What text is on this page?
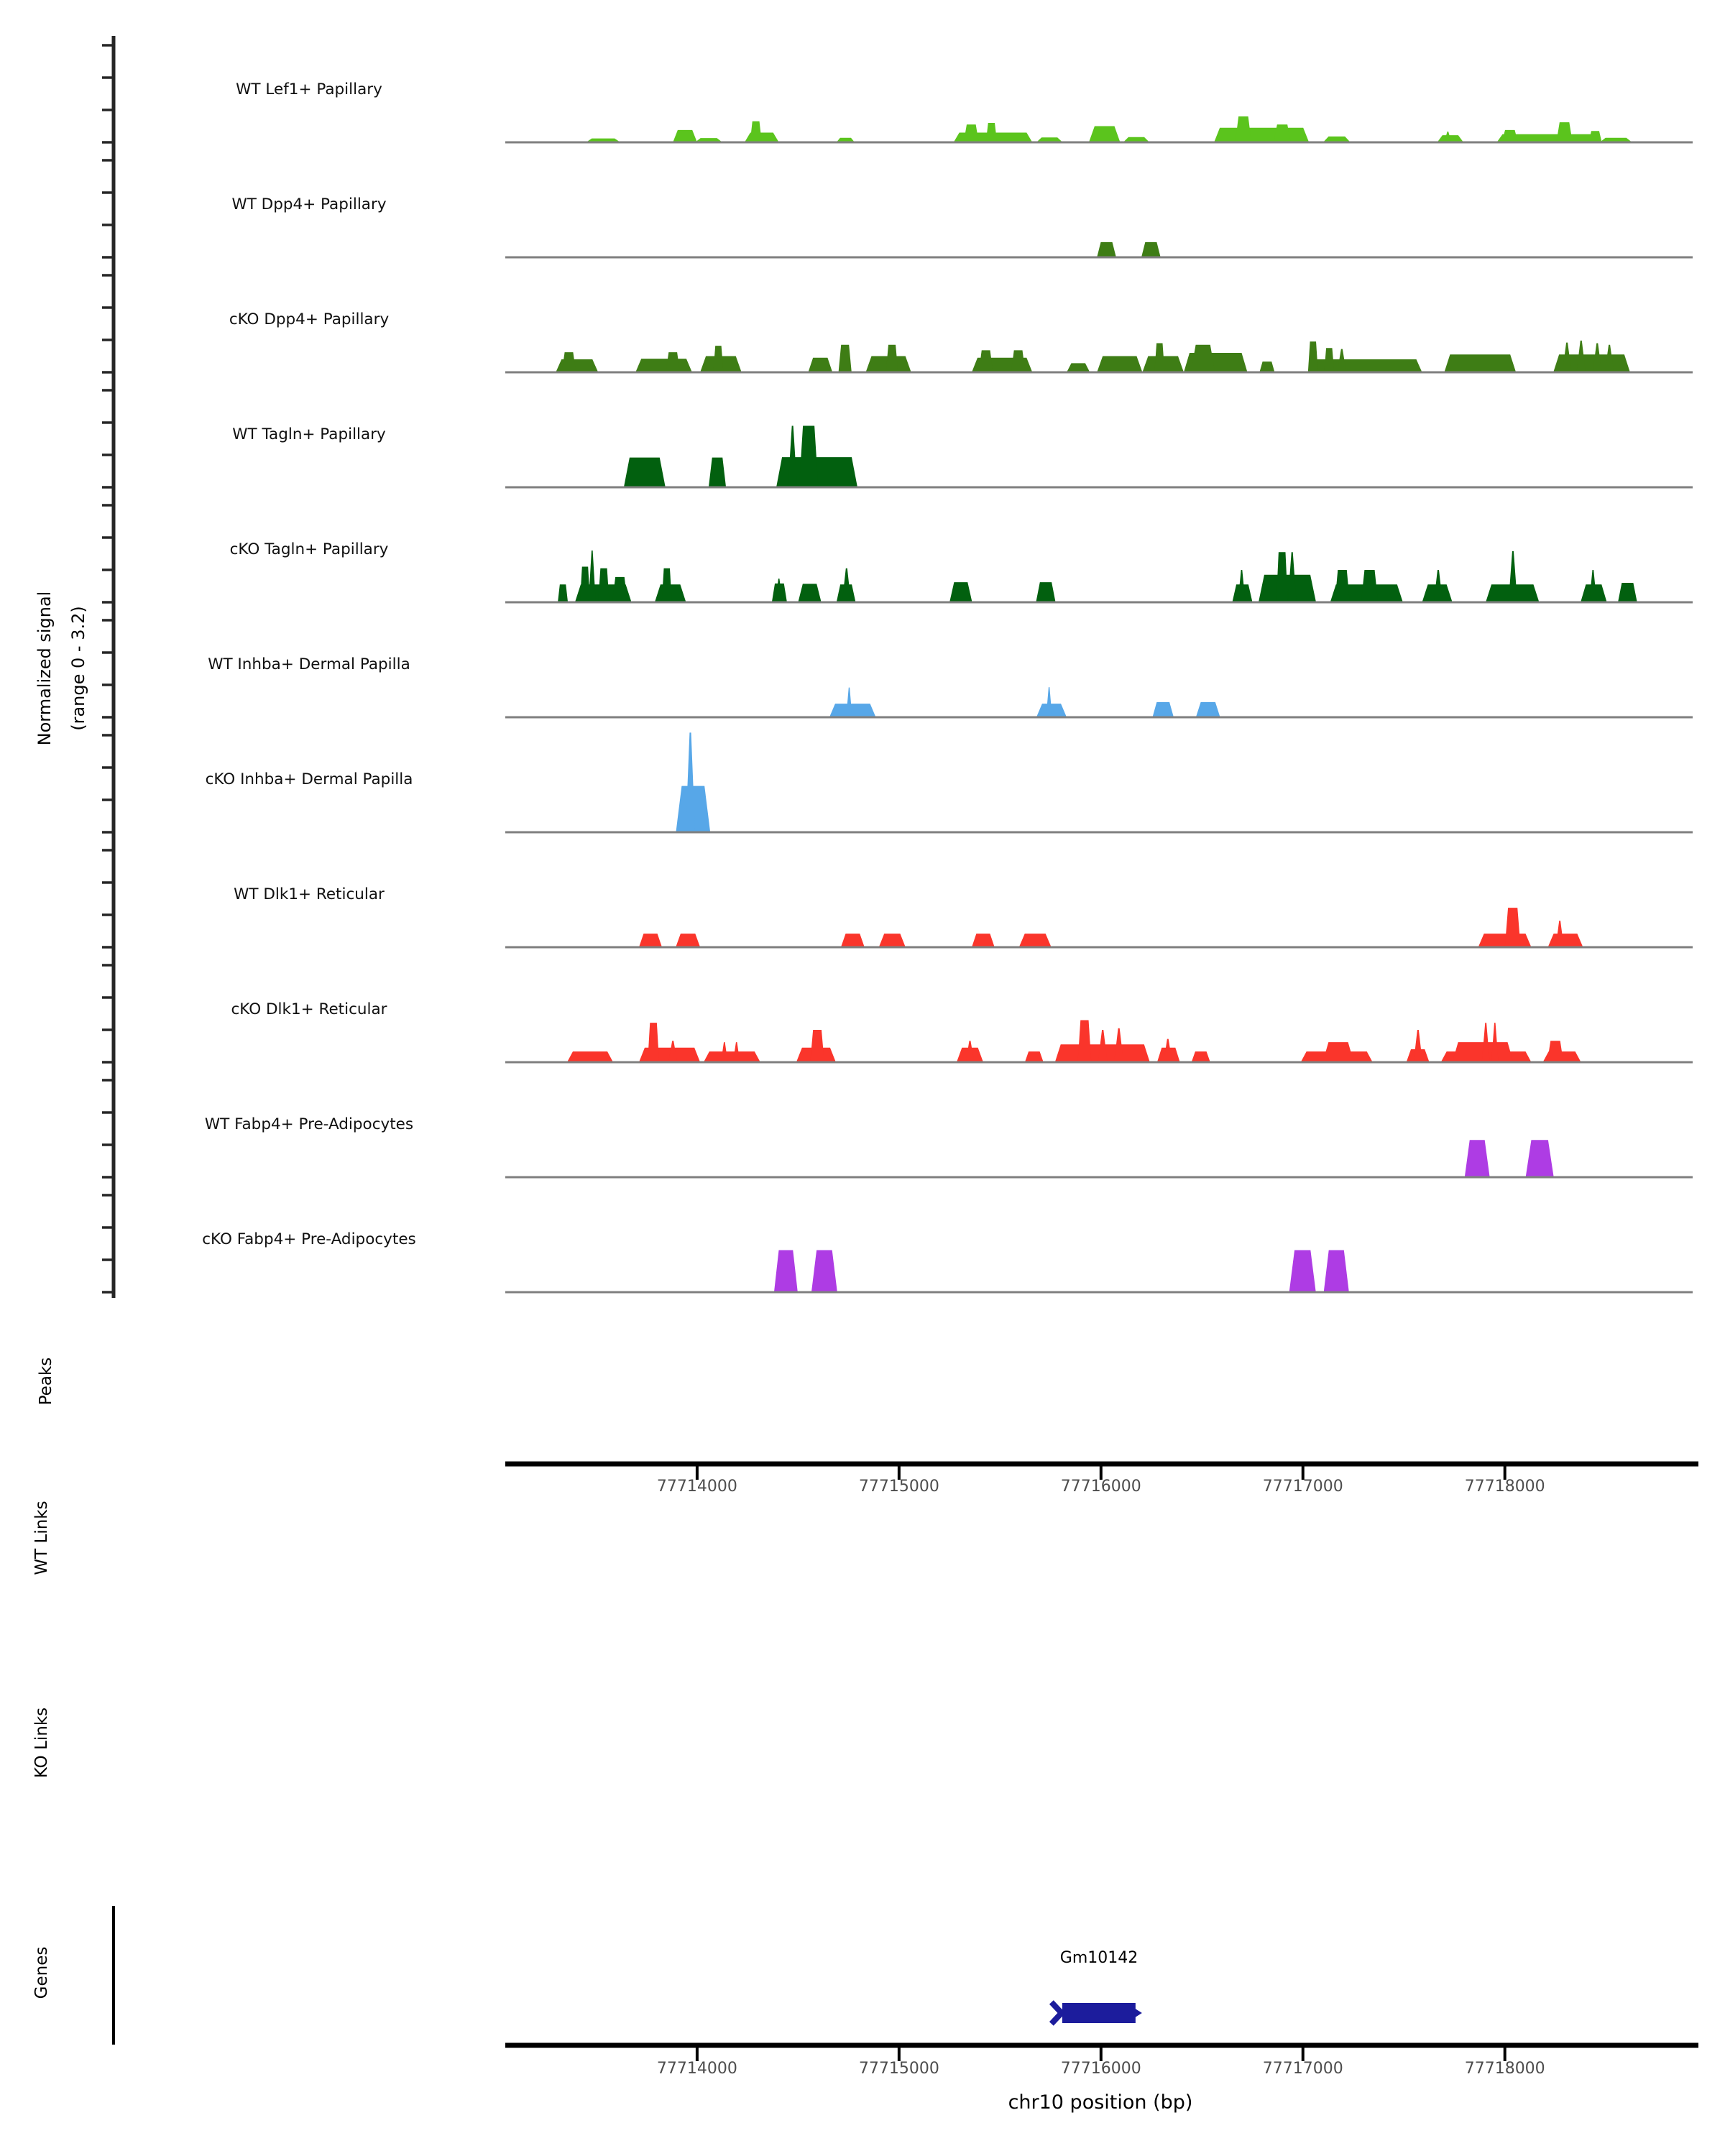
Normalized signal (range 0 - 3.2)
Peaks
WT Links
KO Links
Genes	Gm10142
chr10 position (bp)
WT Lef1+ Papillary
WT Dpp4+ Papillary
cKO Dpp4+ Papillary
WT Tagln+ Papillary
cKO Tagln+ Papillary
WT Inhba+ Dermal Papilla
cKO Inhba+ Dermal Papilla
WT Dlk1+ Reticular
cKO Dlk1+ Reticular
WT Fabp4+ Pre-Adipocytes
cKO Fabp4+ Pre-Adipocytes
77714000	77715000	77716000	77717000	77718000
77714000	77715000	77716000	77717000	77718000
